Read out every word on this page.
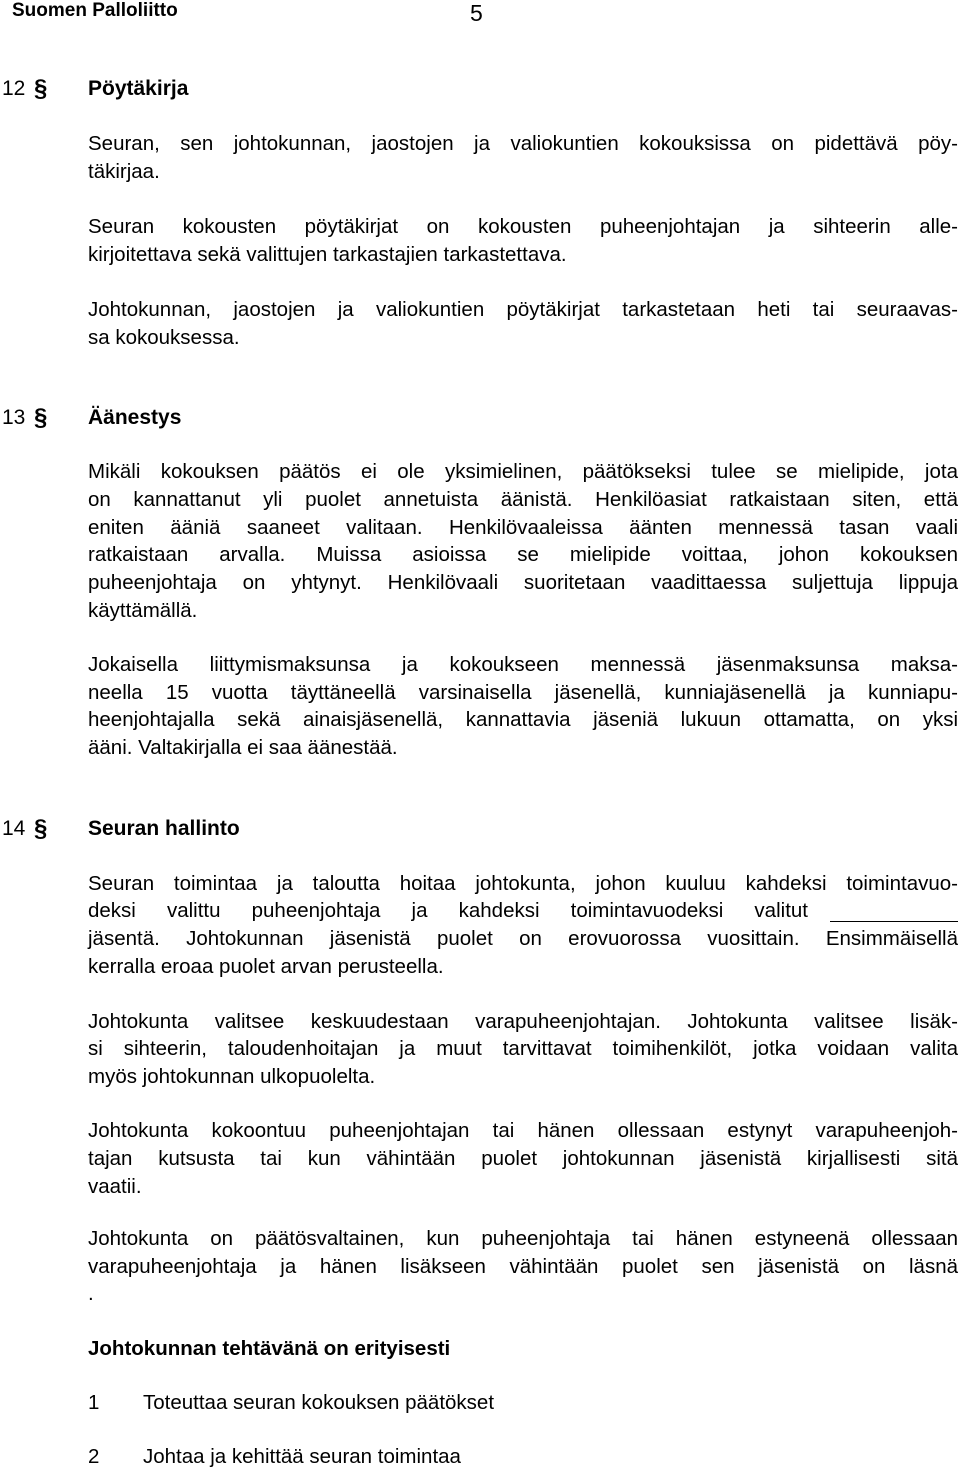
Suomen Palloliitto	5
12 § Pöytäkirja
Seuran, sen johtokunnan, jaostojen ja valiokuntien kokouksissa on pidettävä pöy-
täkirjaa.
Seuran kokousten pöytäkirjat on kokousten puheenjohtajan ja sihteerin alle-
kirjoitettava sekä valittujen tarkastajien tarkastettava.
Johtokunnan, jaostojen ja valiokuntien pöytäkirjat tarkastetaan heti tai seuraavas-
sa kokouksessa.
13 § Äänestys
Mikäli kokouksen päätös ei ole yksimielinen, päätökseksi tulee se mielipide, jota
on kannattanut yli puolet annetuista äänistä. Henkilöasiat ratkaistaan siten, että
eniten ääniä saaneet valitaan. Henkilövaaleissa äänten mennessä tasan vaali
ratkaistaan arvalla. Muissa asioissa se mielipide voittaa, johon kokouksen
puheenjohtaja on yhtynyt. Henkilövaali suoritetaan vaadittaessa suljettuja lippuja
käyttämällä.
Jokaisella liittymismaksunsa ja kokoukseen mennessä jäsenmaksunsa maksa-
neella 15 vuotta täyttäneellä varsinaisella jäsenellä, kunniajäsenellä ja kunniapu-
heenjohtajalla sekä ainaisjäsenellä, kannattavia jäseniä lukuun ottamatta, on yksi
ääni. Valtakirjalla ei saa äänestää.
14 § Seuran hallinto
Seuran toimintaa ja taloutta hoitaa johtokunta, johon kuuluu kahdeksi toimintavuo-
deksi valittu puheenjohtaja ja kahdeksi toimintavuodeksi valitut
jäsentä. Johtokunnan jäsenistä puolet on erovuorossa vuosittain. Ensimmäisellä
kerralla eroaa puolet arvan perusteella.
Johtokunta valitsee keskuudestaan varapuheenjohtajan. Johtokunta valitsee lisäk-
si sihteerin, taloudenhoitajan ja muut tarvittavat toimihenkilöt, jotka voidaan valita
myös johtokunnan ulkopuolelta.
Johtokunta kokoontuu puheenjohtajan tai hänen ollessaan estynyt varapuheenjoh-
tajan kutsusta tai kun vähintään puolet johtokunnan jäsenistä kirjallisesti sitä
vaatii.
Johtokunta on päätösvaltainen, kun puheenjohtaja tai hänen estyneenä ollessaan
varapuheenjohtaja ja hänen lisäkseen vähintään puolet sen jäsenistä on läsnä
.
Johtokunnan tehtävänä on erityisesti
1 Toteuttaa seuran kokouksen päätökset
2 Johtaa ja kehittää seuran toimintaa
